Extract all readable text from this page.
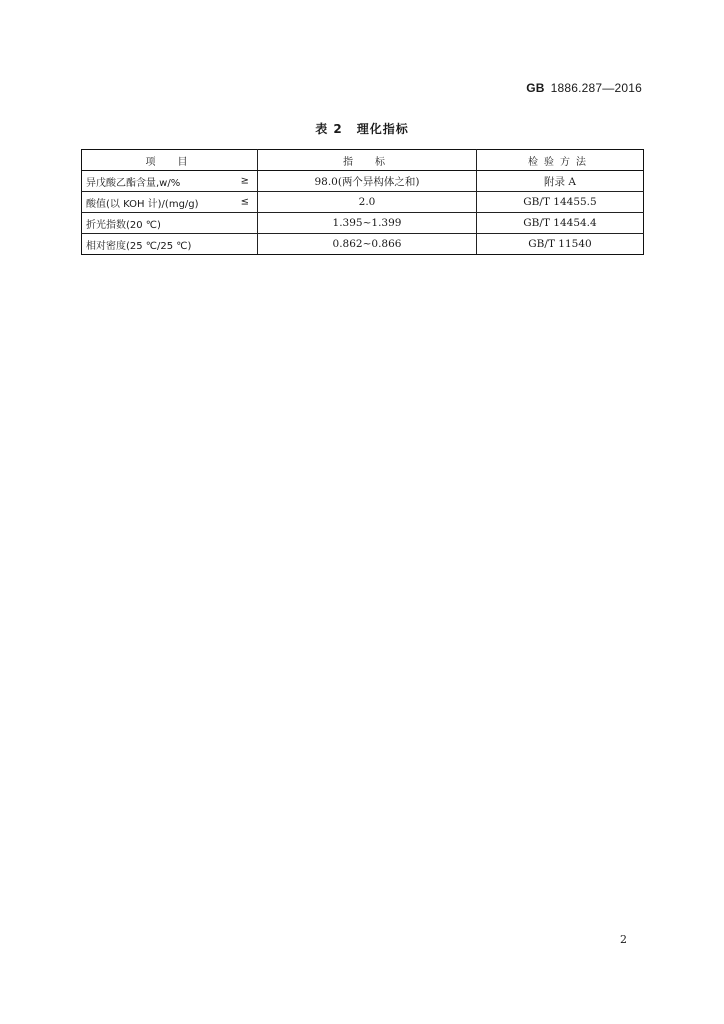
GB 1886.287—2016
表 2 理化指标
项　目	指　标	检验方法
异戊酸乙酯含量,w/% ≥	98.0(两个异构体之和)	附录 A
酸值(以 KOH 计)/(mg/g) ≤	2.0	GB/T 14455.5
折光指数(20 ℃)	1.395~1.399	GB/T 14454.4
相对密度(25 ℃/25 ℃)	0.862~0.866	GB/T 11540
2
